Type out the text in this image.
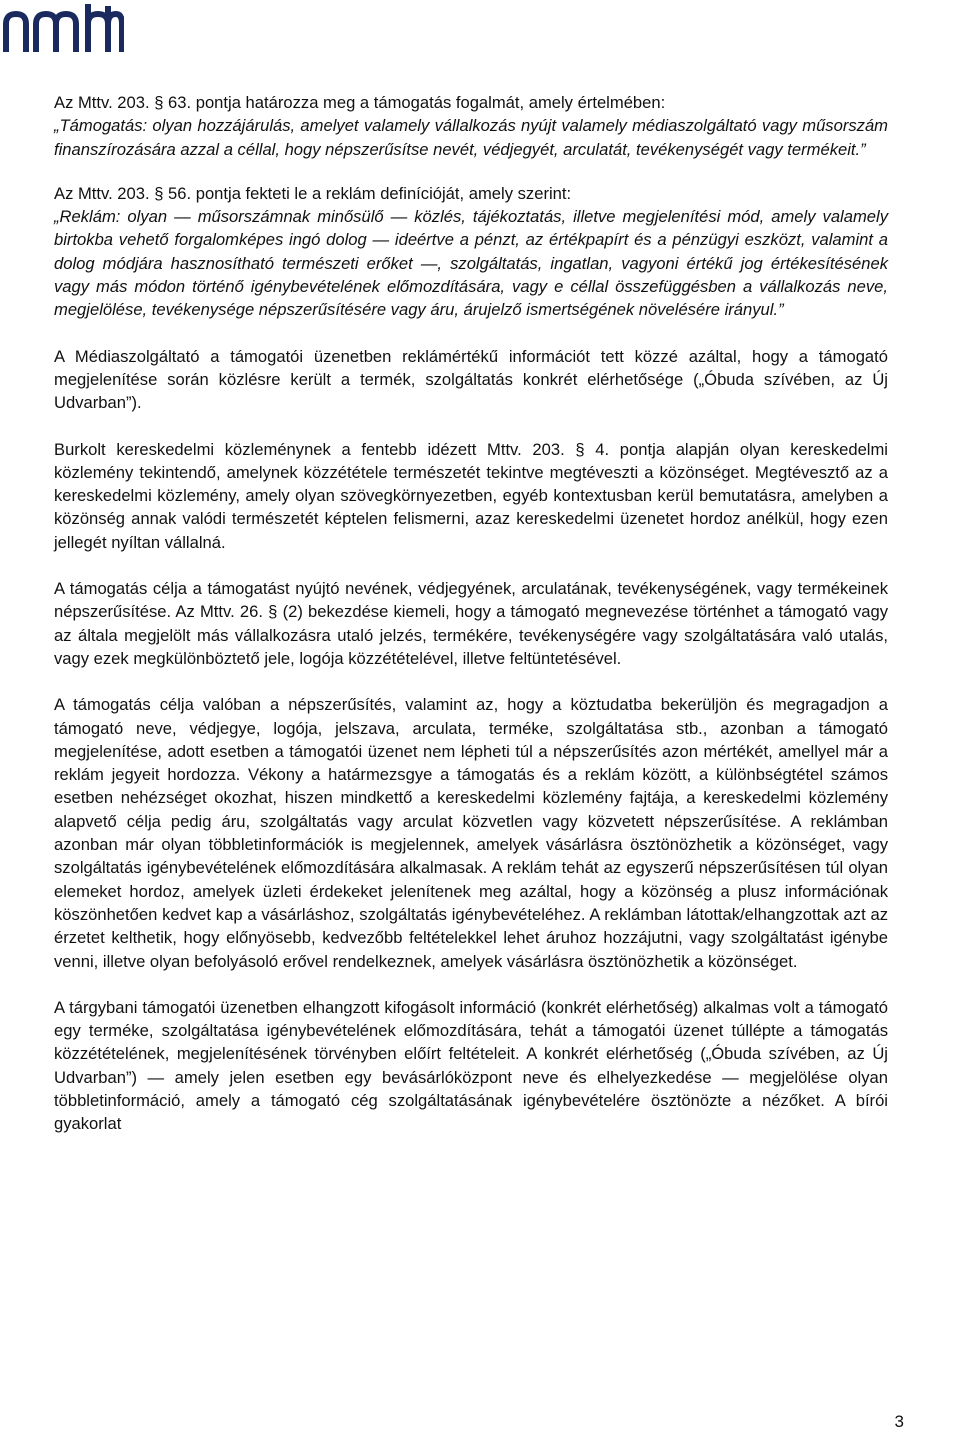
Az Mttv. 203. § 63. pontja határozza meg a támogatás fogalmát, amely értelmében:

„Támogatás: olyan hozzájárulás, amelyet valamely vállalkozás nyújt valamely médiaszolgáltató vagy műsorszám finanszírozására azzal a céllal, hogy népszerűsítse nevét, védjegyét, arculatát, tevékenységét vagy termékeit.”

Az Mttv. 203. § 56. pontja fekteti le a reklám definícióját, amely szerint:

„Reklám: olyan — műsorszámnak minősülő — közlés, tájékoztatás, illetve megjelenítési mód, amely valamely birtokba vehető forgalomképes ingó dolog — ideértve a pénzt, az értékpapírt és a pénzügyi eszközt, valamint a dolog módjára hasznosítható természeti erőket —, szolgáltatás, ingatlan, vagyoni értékű jog értékesítésének vagy más módon történő igénybevételének előmozdítására, vagy e céllal összefüggésben a vállalkozás neve, megjelölése, tevékenysége népszerűsítésére vagy áru, árujelző ismertségének növelésére irányul.”

A Médiaszolgáltató a támogatói üzenetben reklámértékű információt tett közzé azáltal, hogy a támogató megjelenítése során közlésre került a termék, szolgáltatás konkrét elérhetősége („Óbuda szívében, az Új Udvarban”).

Burkolt kereskedelmi közleménynek a fentebb idézett Mttv. 203. § 4. pontja alapján olyan kereskedelmi közlemény tekintendő, amelynek közzététele természetét tekintve megtéveszti a közönséget. Megtévesztő az a kereskedelmi közlemény, amely olyan szövegkörnyezetben, egyéb kontextusban kerül bemutatásra, amelyben a közönség annak valódi természetét képtelen felismerni, azaz kereskedelmi üzenetet hordoz anélkül, hogy ezen jellegét nyíltan vállalná.

A támogatás célja a támogatást nyújtó nevének, védjegyének, arculatának, tevékenységének, vagy termékeinek népszerűsítése. Az Mttv. 26. § (2) bekezdése kiemeli, hogy a támogató megnevezése történhet a támogató vagy az általa megjelölt más vállalkozásra utaló jelzés, termékére, tevékenységére vagy szolgáltatására való utalás, vagy ezek megkülönböztető jele, logója közzétételével, illetve feltüntetésével.

A támogatás célja valóban a népszerűsítés, valamint az, hogy a köztudatba bekerüljön és megragadjon a támogató neve, védjegye, logója, jelszava, arculata, terméke, szolgáltatása stb., azonban a támogató megjelenítése, adott esetben a támogatói üzenet nem lépheti túl a népszerűsítés azon mértékét, amellyel már a reklám jegyeit hordozza. Vékony a határmezsgye a támogatás és a reklám között, a különbségtétel számos esetben nehézséget okozhat, hiszen mindkettő a kereskedelmi közlemény fajtája, a kereskedelmi közlemény alapvető célja pedig áru, szolgáltatás vagy arculat közvetlen vagy közvetett népszerűsítése. A reklámban azonban már olyan többletinformációk is megjelennek, amelyek vásárlásra ösztönözhetik a közönséget, vagy szolgáltatás igénybevételének előmozdítására alkalmasak. A reklám tehát az egyszerű népszerűsítésen túl olyan elemeket hordoz, amelyek üzleti érdekeket jelenítenek meg azáltal, hogy a közönség a plusz információnak köszönhetően kedvet kap a vásárláshoz, szolgáltatás igénybevételéhez. A reklámban látottak/elhangzottak azt az érzetet kelthetik, hogy előnyösebb, kedvezőbb feltételekkel lehet áruhoz hozzájutni, vagy szolgáltatást igénybe venni, illetve olyan befolyásoló erővel rendelkeznek, amelyek vásárlásra ösztönözhetik a közönséget.

A tárgybani támogatói üzenetben elhangzott kifogásolt információ (konkrét elérhetőség) alkalmas volt a támogató egy terméke, szolgáltatása igénybevételének előmozdítására, tehát a támogatói üzenet túllépte a támogatás közzétételének, megjelenítésének törvényben előírt feltételeit. A konkrét elérhetőség („Óbuda szívében, az Új Udvarban”) — amely jelen esetben egy bevásárlóközpont neve és elhelyezkedése — megjelölése olyan többletinformáció, amely a támogató cég szolgáltatásának igénybevételére ösztönözte a nézőket. A bírói gyakorlat

3
